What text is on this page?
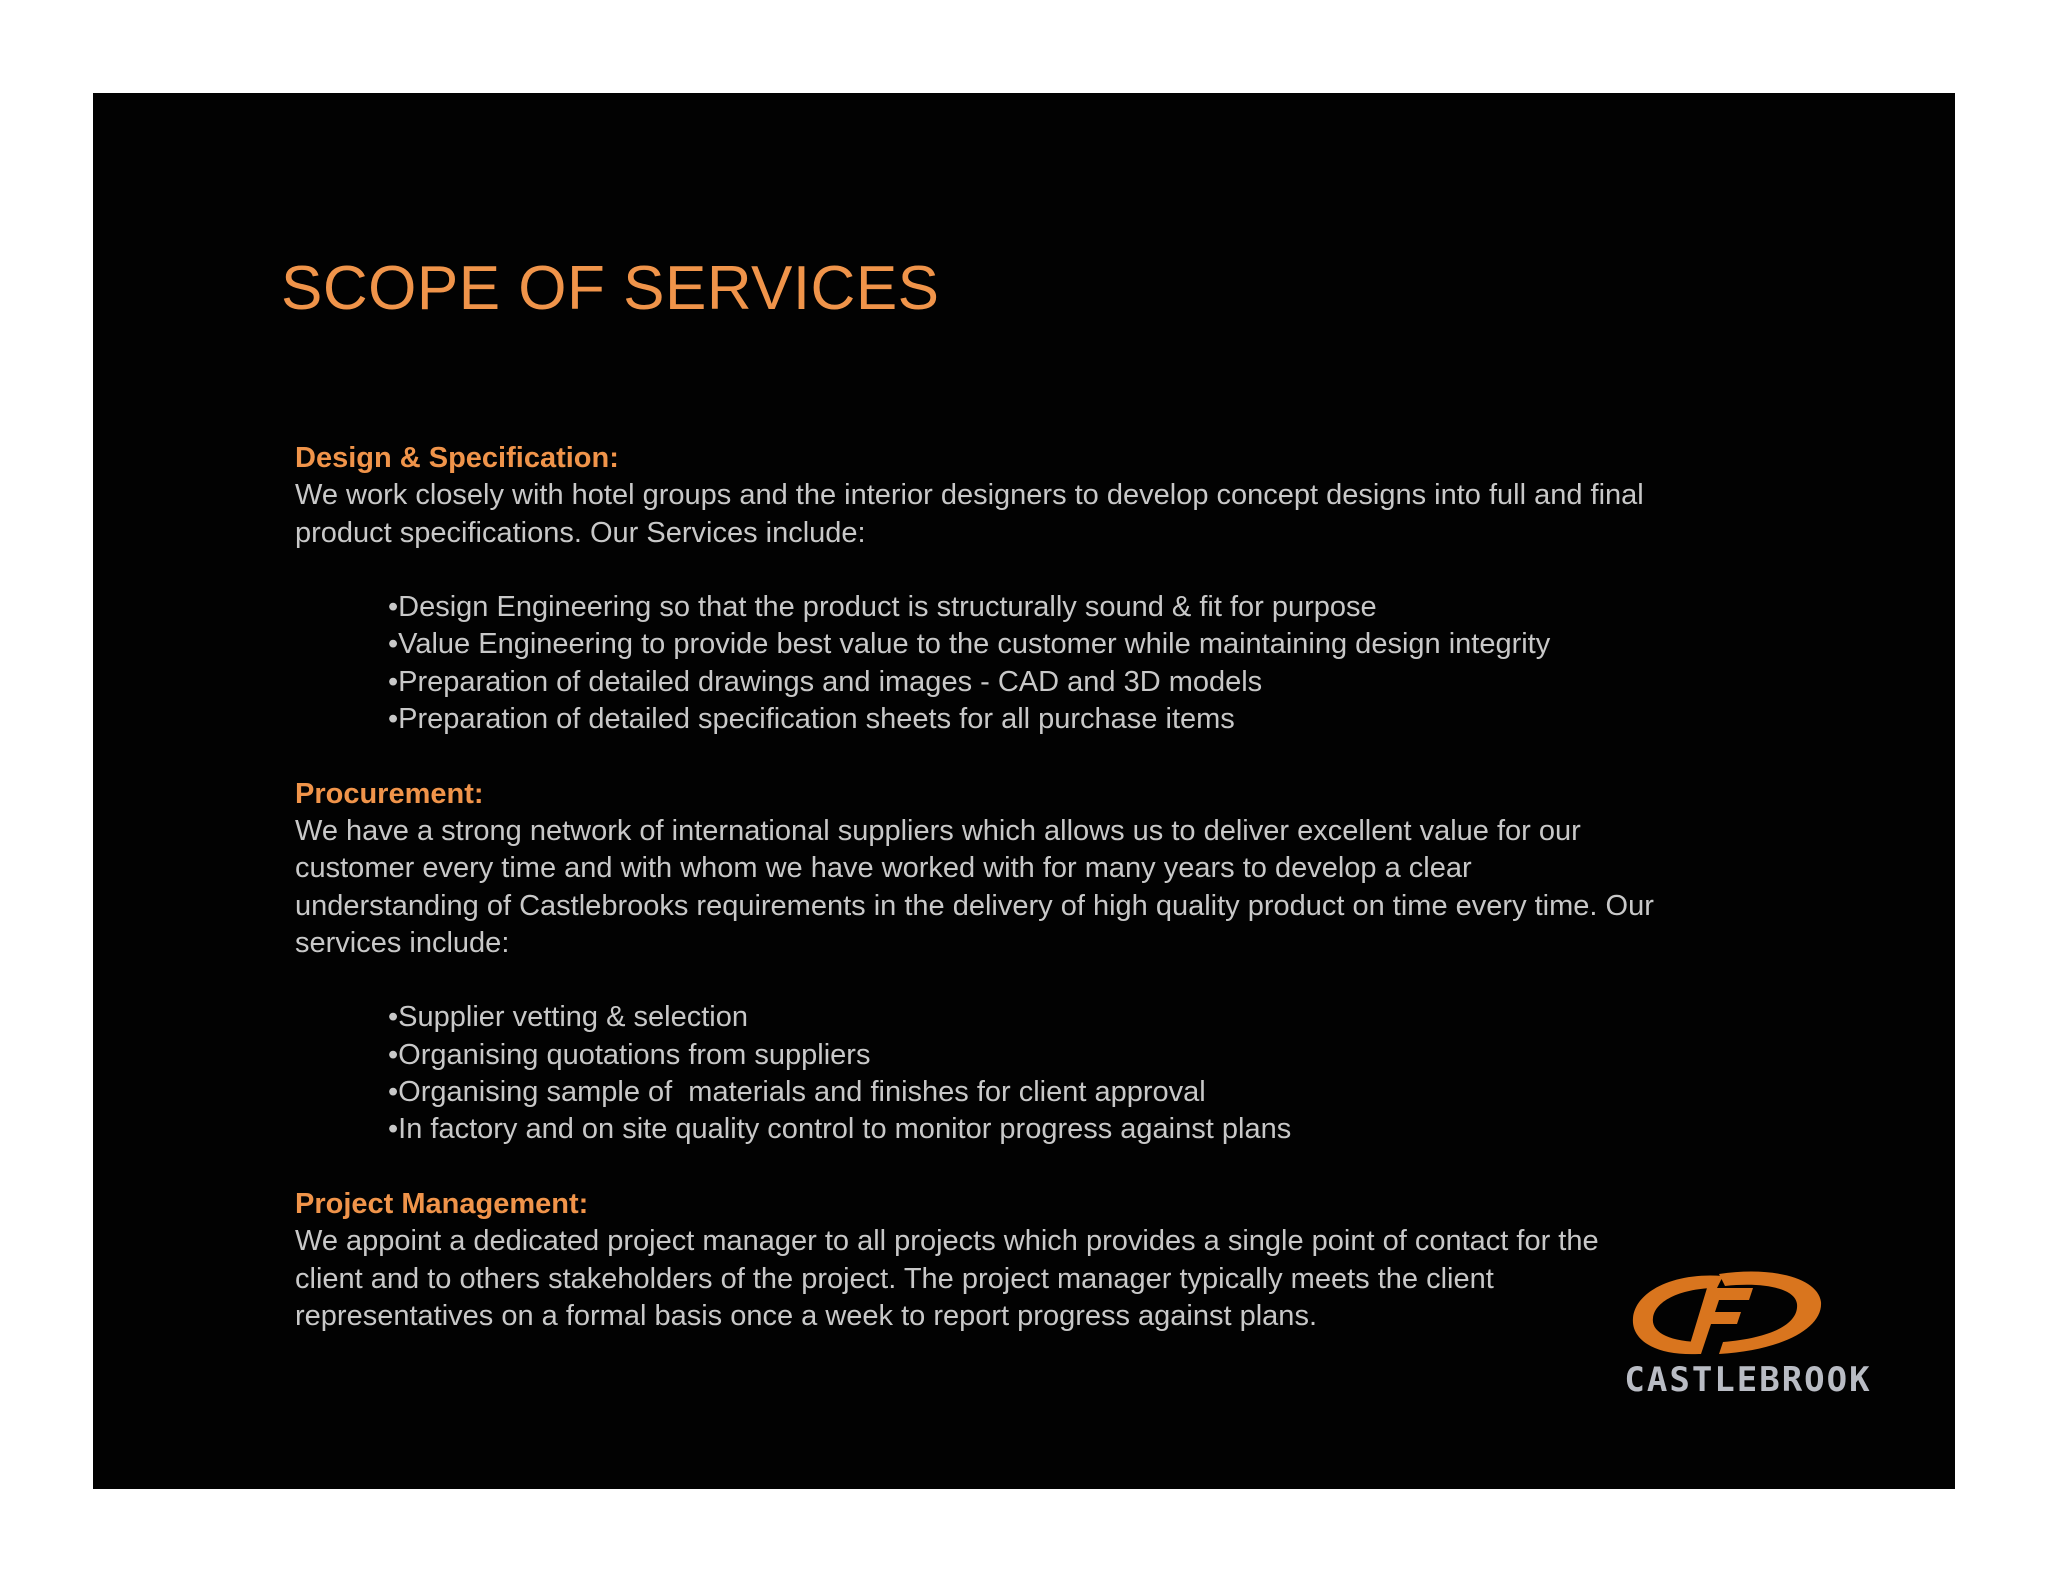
SCOPE OF SERVICES

Design & Specification:

We work closely with hotel groups and the interior designers to develop concept designs into full and final

product specifications. Our Services include:

•Design Engineering so that the product is structurally sound & fit for purpose
•Value Engineering to provide best value to the customer while maintaining design integrity
•Preparation of detailed drawings and images - CAD and 3D models
•Preparation of detailed specification sheets for all purchase items

Procurement:

We have a strong network of international suppliers which allows us to deliver excellent value for our

customer every time and with whom we have worked with for many years to develop a clear

understanding of Castlebrooks requirements in the delivery of high quality product on time every time. Our

services include:

•Supplier vetting & selection
•Organising quotations from suppliers
•Organising sample of  materials and finishes for client approval
•In factory and on site quality control to monitor progress against plans

Project Management:

We appoint a dedicated project manager to all projects which provides a single point of contact for the

client and to others stakeholders of the project. The project manager typically meets the client

representatives on a formal basis once a week to report progress against plans.

CASTLEBROOK
